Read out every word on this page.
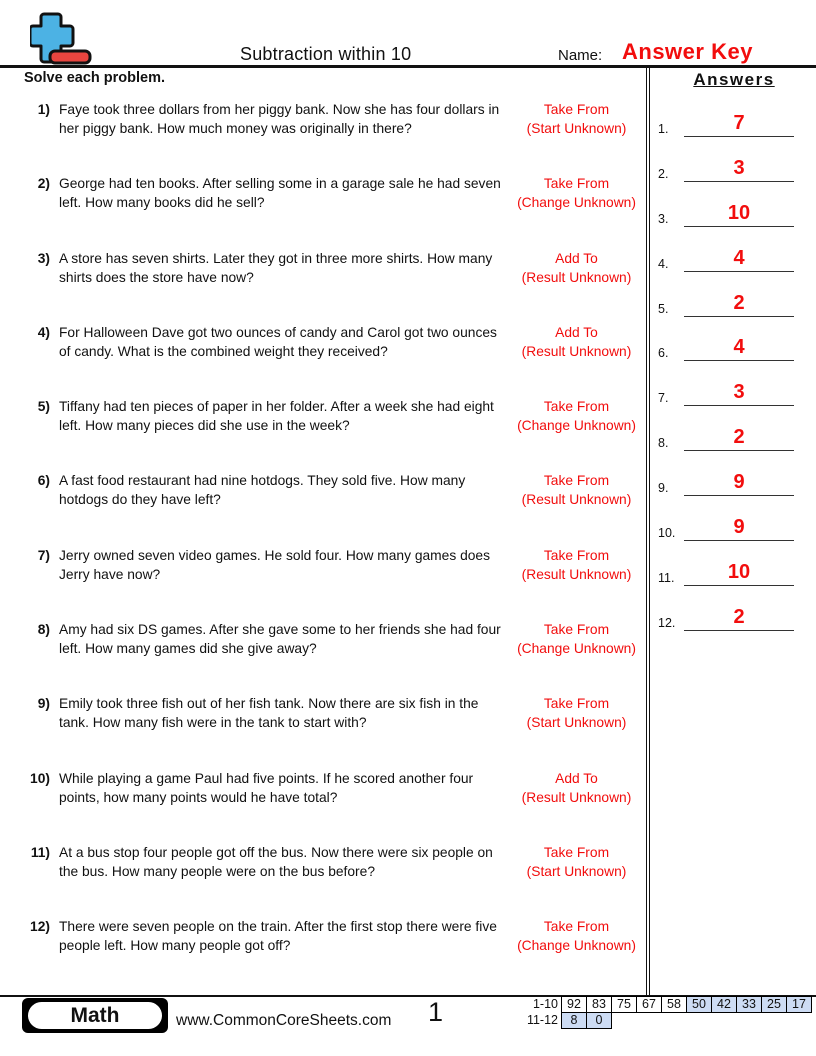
Subtraction within 10	Name: Answer Key
Solve each problem.	Answers
1.	7
2.	3
3.	10
4.	4
5.	2
6.	4
7.	3
8.	2
9.	9
10.	9
11.	10
12.	2
1) Faye took three dollars from her piggy bank. Now she has four dollars in her piggy bank. How much money was originally in there?
Take From
(Start Unknown)
2) George had ten books. After selling some in a garage sale he had seven left. How many books did he sell?
Take From
(Change Unknown)
3) A store has seven shirts. Later they got in three more shirts. How many shirts does the store have now?
Add To
(Result Unknown)
4) For Halloween Dave got two ounces of candy and Carol got two ounces of candy. What is the combined weight they received?
Add To
(Result Unknown)
5) Tiffany had ten pieces of paper in her folder. After a week she had eight left. How many pieces did she use in the week?
Take From
(Change Unknown)
6) A fast food restaurant had nine hotdogs. They sold five. How many hotdogs do they have left?
Take From
(Result Unknown)
7) Jerry owned seven video games. He sold four. How many games does Jerry have now?
Take From
(Result Unknown)
8) Amy had six DS games. After she gave some to her friends she had four left. How many games did she give away?
Take From
(Change Unknown)
9) Emily took three fish out of her fish tank. Now there are six fish in the tank. How many fish were in the tank to start with?
Take From
(Start Unknown)
10) While playing a game Paul had five points. If he scored another four points, how many points would he have total?
Add To
(Result Unknown)
11) At a bus stop four people got off the bus. Now there were six people on the bus. How many people were on the bus before?
Take From
(Start Unknown)
12) There were seven people on the train. After the first stop there were five people left. How many people got off?
Take From
(Change Unknown)
Math	www.CommonCoreSheets.com 1	1-10 92 83 75 67 58 50 42 33 25 17
11-12	8	0
